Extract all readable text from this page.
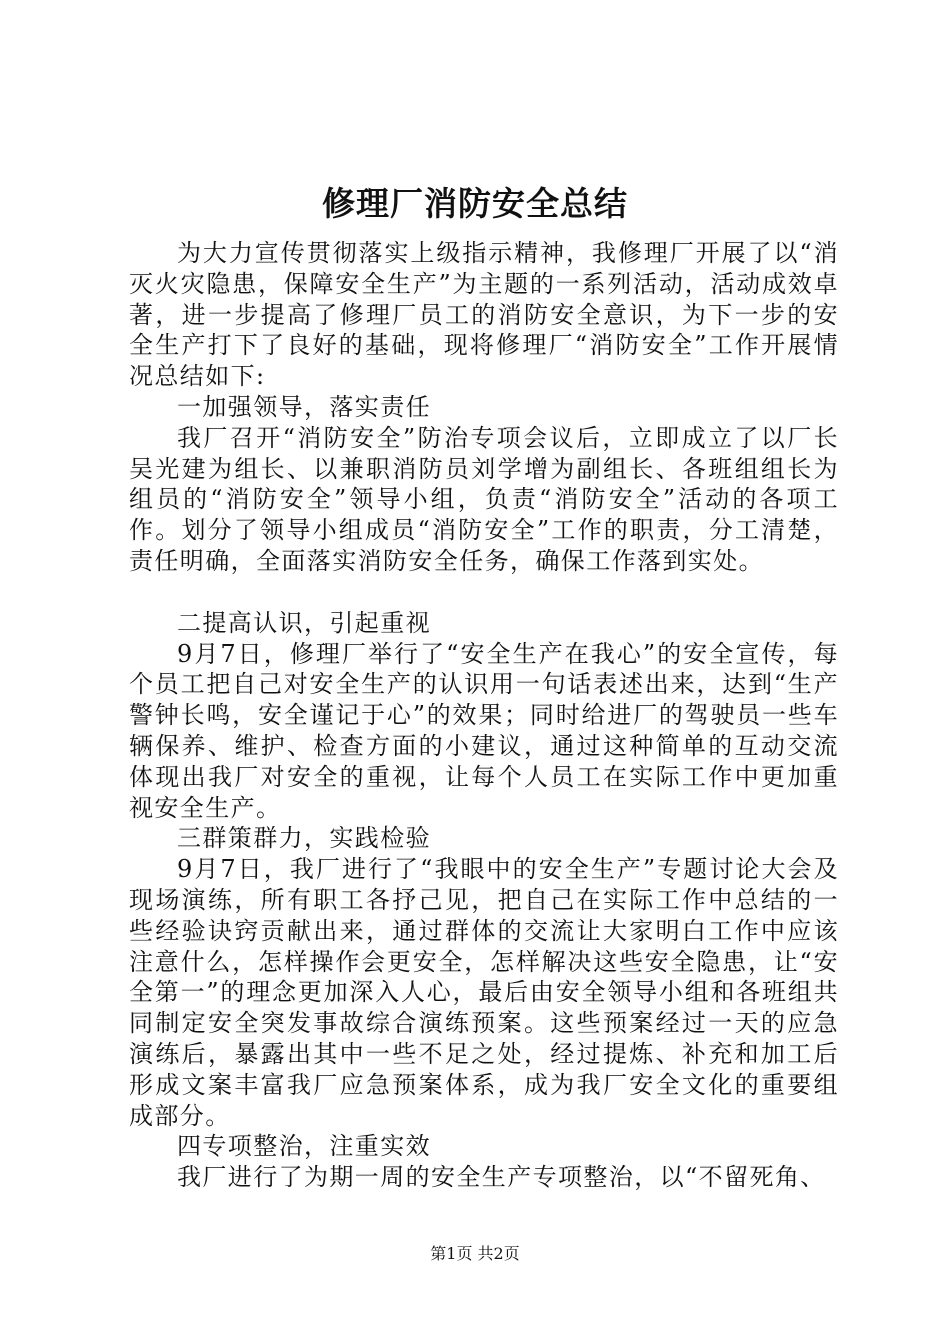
修理厂消防安全总结

为大力宣传贯彻落实上级指示精神，我修理厂开展了以“消灭火灾隐患，保障安全生产”为主题的一系列活动，活动成效卓著，进一步提高了修理厂员工的消防安全意识，为下一步的安全生产打下了良好的基础，现将修理厂“消防安全”工作开展情况总结如下:

一加强领导，落实责任

我厂召开“消防安全”防治专项会议后，立即成立了以厂长吴光建为组长、以兼职消防员刘学增为副组长、各班组组长为组员的“消防安全”领导小组，负责“消防安全”活动的各项工作。划分了领导小组成员“消防安全”工作的职责，分工清楚，责任明确，全面落实消防安全任务，确保工作落到实处。

二提高认识，引起重视

9月7日，修理厂举行了“安全生产在我心”的安全宣传，每个员工把自己对安全生产的认识用一句话表述出来，达到“生产警钟长鸣，安全谨记于心”的效果；同时给进厂的驾驶员一些车辆保养、维护、检查方面的小建议，通过这种简单的互动交流体现出我厂对安全的重视，让每个人员工在实际工作中更加重视安全生产。

三群策群力，实践检验

9月7日，我厂进行了“我眼中的安全生产”专题讨论大会及现场演练，所有职工各抒己见，把自己在实际工作中总结的一些经验诀窍贡献出来，通过群体的交流让大家明白工作中应该注意什么，怎样操作会更安全，怎样解决这些安全隐患，让“安全第一”的理念更加深入人心，最后由安全领导小组和各班组共同制定安全突发事故综合演练预案。这些预案经过一天的应急演练后，暴露出其中一些不足之处，经过提炼、补充和加工后形成文案丰富我厂应急预案体系，成为我厂安全文化的重要组成部分。

四专项整治，注重实效

我厂进行了为期一周的安全生产专项整治，以“不留死角、

第1页 共2页
